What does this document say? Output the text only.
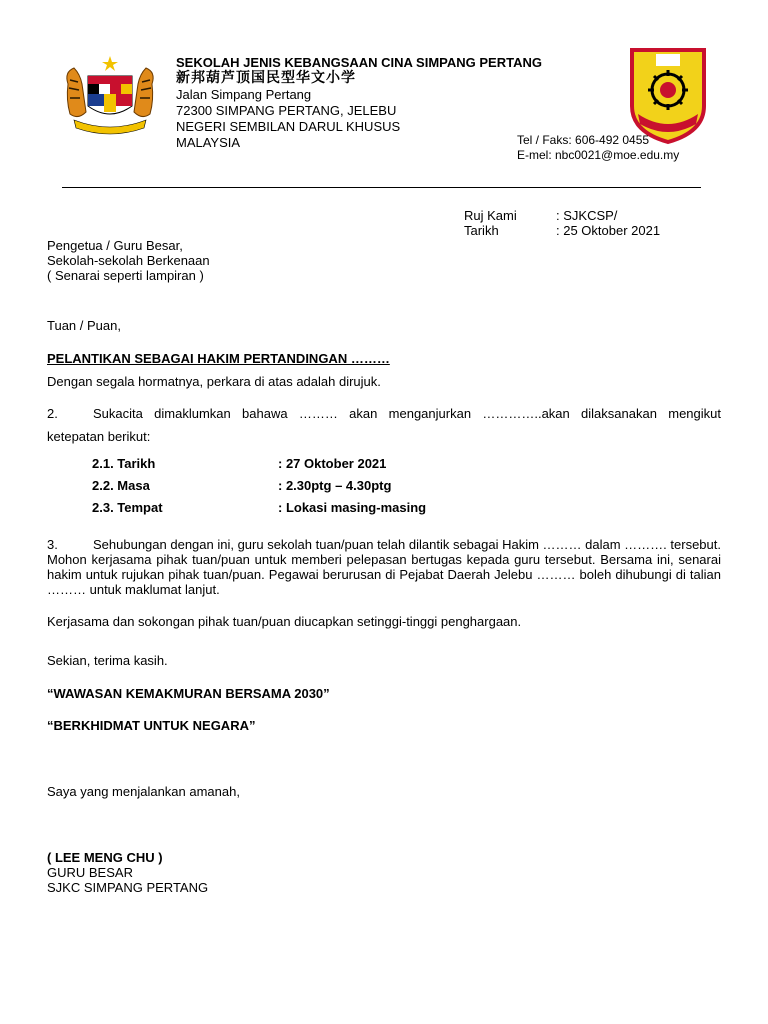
SEKOLAH JENIS KEBANGSAAN CINA SIMPANG PERTANG
新邦葫芦顶国民型华文小学
Jalan Simpang Pertang
72300 SIMPANG PERTANG, JELEBU
NEGERI SEMBILAN DARUL KHUSUS
MALAYSIA	Tel / Faks: 606-492 0455
E-mel: nbc0021@moe.edu.my
Ruj Kami	: SJKCSP/
Tarikh	: 25 Oktober 2021
Pengetua / Guru Besar,
Sekolah-sekolah Berkenaan
( Senarai seperti lampiran )
Tuan / Puan,
PELANTIKAN SEBAGAI HAKIM PERTANDINGAN ………
Dengan segala hormatnya, perkara di atas adalah dirujuk.
2.	Sukacita dimaklumkan bahawa ……… akan menganjurkan …………..akan dilaksanakan mengikut
ketepatan berikut:
2.1. Tarikh	: 27 Oktober 2021
2.2. Masa	: 2.30ptg – 4.30ptg
2.3. Tempat	: Lokasi masing-masing
3.	Sehubungan dengan ini, guru sekolah tuan/puan telah dilantik sebagai Hakim ……… dalam ………. tersebut. Mohon kerjasama pihak tuan/puan untuk memberi pelepasan bertugas kepada guru tersebut. Bersama ini, senarai hakim untuk rujukan pihak tuan/puan. Pegawai berurusan di Pejabat Daerah Jelebu ……… boleh dihubungi di talian ……… untuk maklumat lanjut.
Kerjasama dan sokongan pihak tuan/puan diucapkan setinggi-tinggi penghargaan.
Sekian, terima kasih.
“WAWASAN KEMAKMURAN BERSAMA 2030”
“BERKHIDMAT UNTUK NEGARA”
Saya yang menjalankan amanah,
( LEE MENG CHU )
GURU BESAR
SJKC SIMPANG PERTANG
